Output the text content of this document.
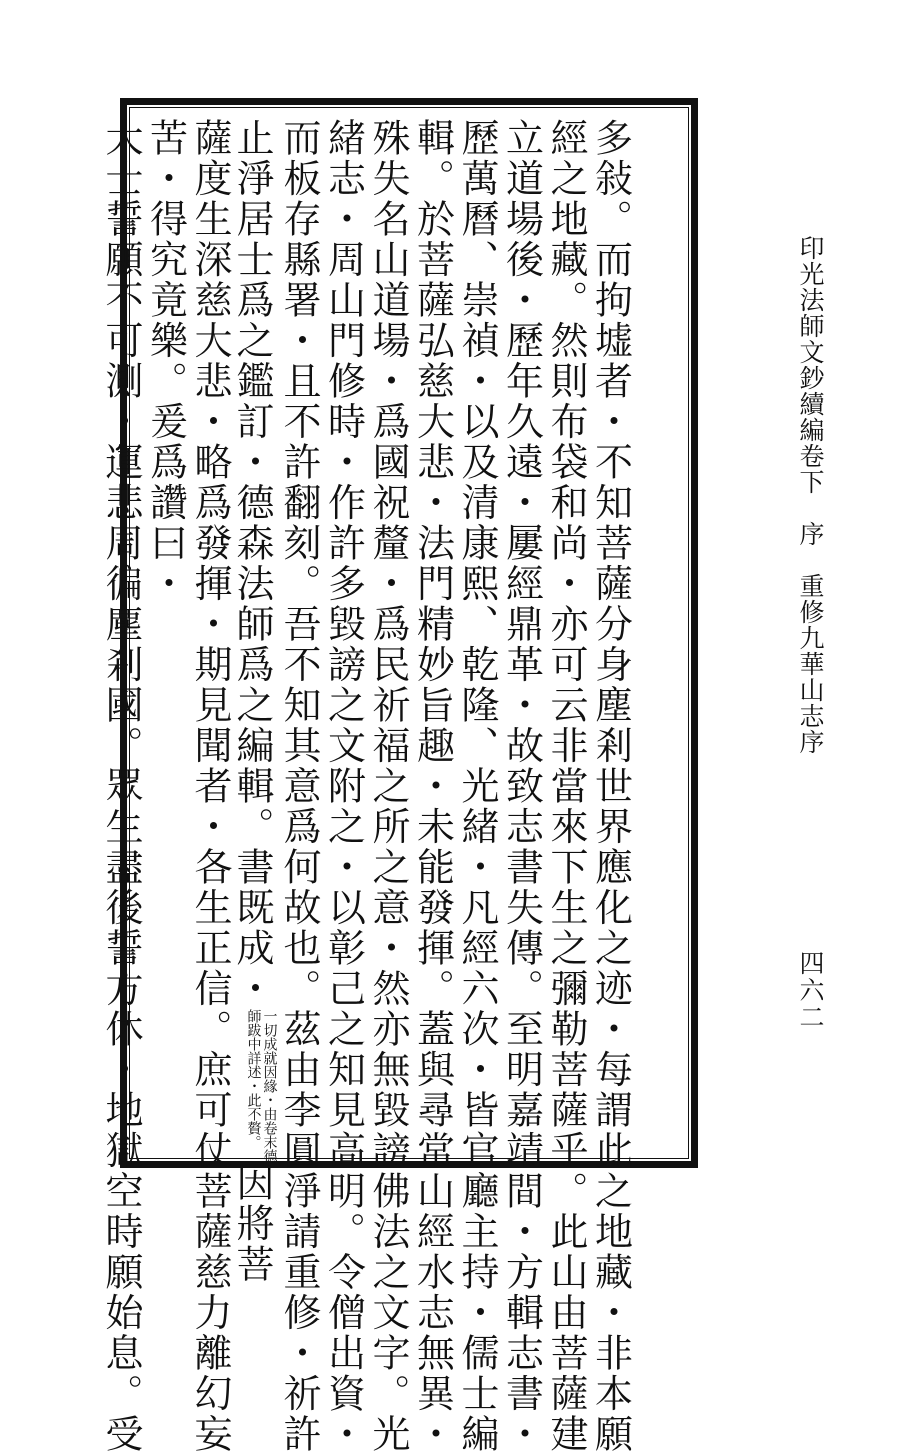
印光法師文鈔續編卷下　序　重修九華山志序
四六二
多敍。而拘墟者・不知菩薩分身塵剎世界應化之迹・每謂此之地藏・非本願
經之地藏。然則布袋和尚・亦可云非當來下生之彌勒菩薩乎。此山由菩薩建
立道場後・歷年久遠・屢經鼎革・故致志書失傳。至明嘉靖間・方輯志書・
歷萬曆、崇禎・以及清康熙、乾隆、光緒・凡經六次・皆官廳主持・儒士編
輯。於菩薩弘慈大悲・法門精妙旨趣・未能發揮。蓋與尋常山經水志無異・
殊失名山道場・爲國祝釐・爲民祈福之所之意・然亦無毀謗佛法之文字。光
緒志・周山門修時・作許多毀謗之文附之・以彰己之知見高明。令僧出資・
而板存縣署・且不許翻刻。吾不知其意爲何故也。茲由李圓淨請重修・祈許
止淨居士爲之鑑訂・德森法師爲之編輯。書既成・
一切成就因緣・由卷末德
師跋中詳述・此不贅。
因將菩
薩度生深慈大悲・略爲發揮・期見聞者・各生正信。庶可仗菩薩慈力離幻妄
苦・得究竟樂。爰爲讚曰・
大士誓願不可測・運悲周徧塵剎國。眾生盡後誓方休・地獄空時願始息。受
